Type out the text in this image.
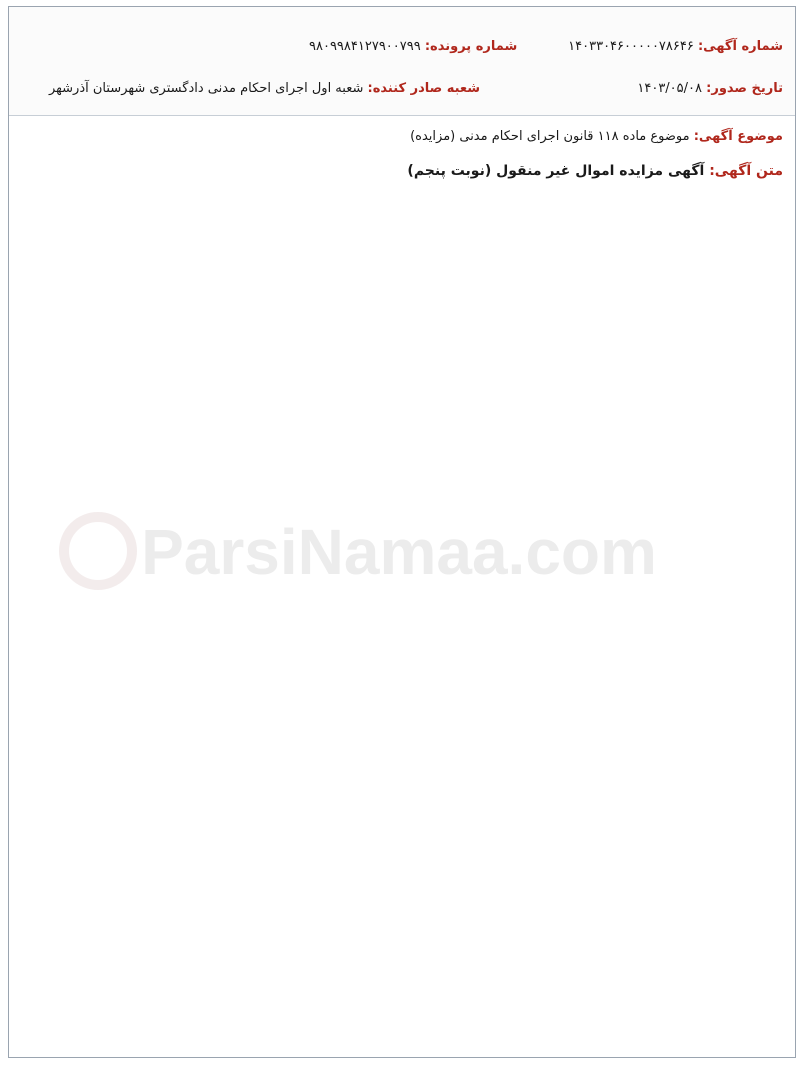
شماره آگهی: ۱۴۰۳۳۰۴۶۰۰۰۰۰۷۸۶۴۶
شماره پرونده: ۹۸۰۹۹۸۴۱۲۷۹۰۰۷۹۹
تاریخ صدور: ۱۴۰۳/۰۵/۰۸
شعبه صادر کننده: شعبه اول اجرای احکام مدنی دادگستری شهرستان آذرشهر
موضوع آگهی: موضوع ماده ۱۱۸ قانون اجرای احکام مدنی (مزایده)
متن آگهی: آگهی مزایده اموال غیر منقول (نوبت پنجم)
ParsiNamaa.com
